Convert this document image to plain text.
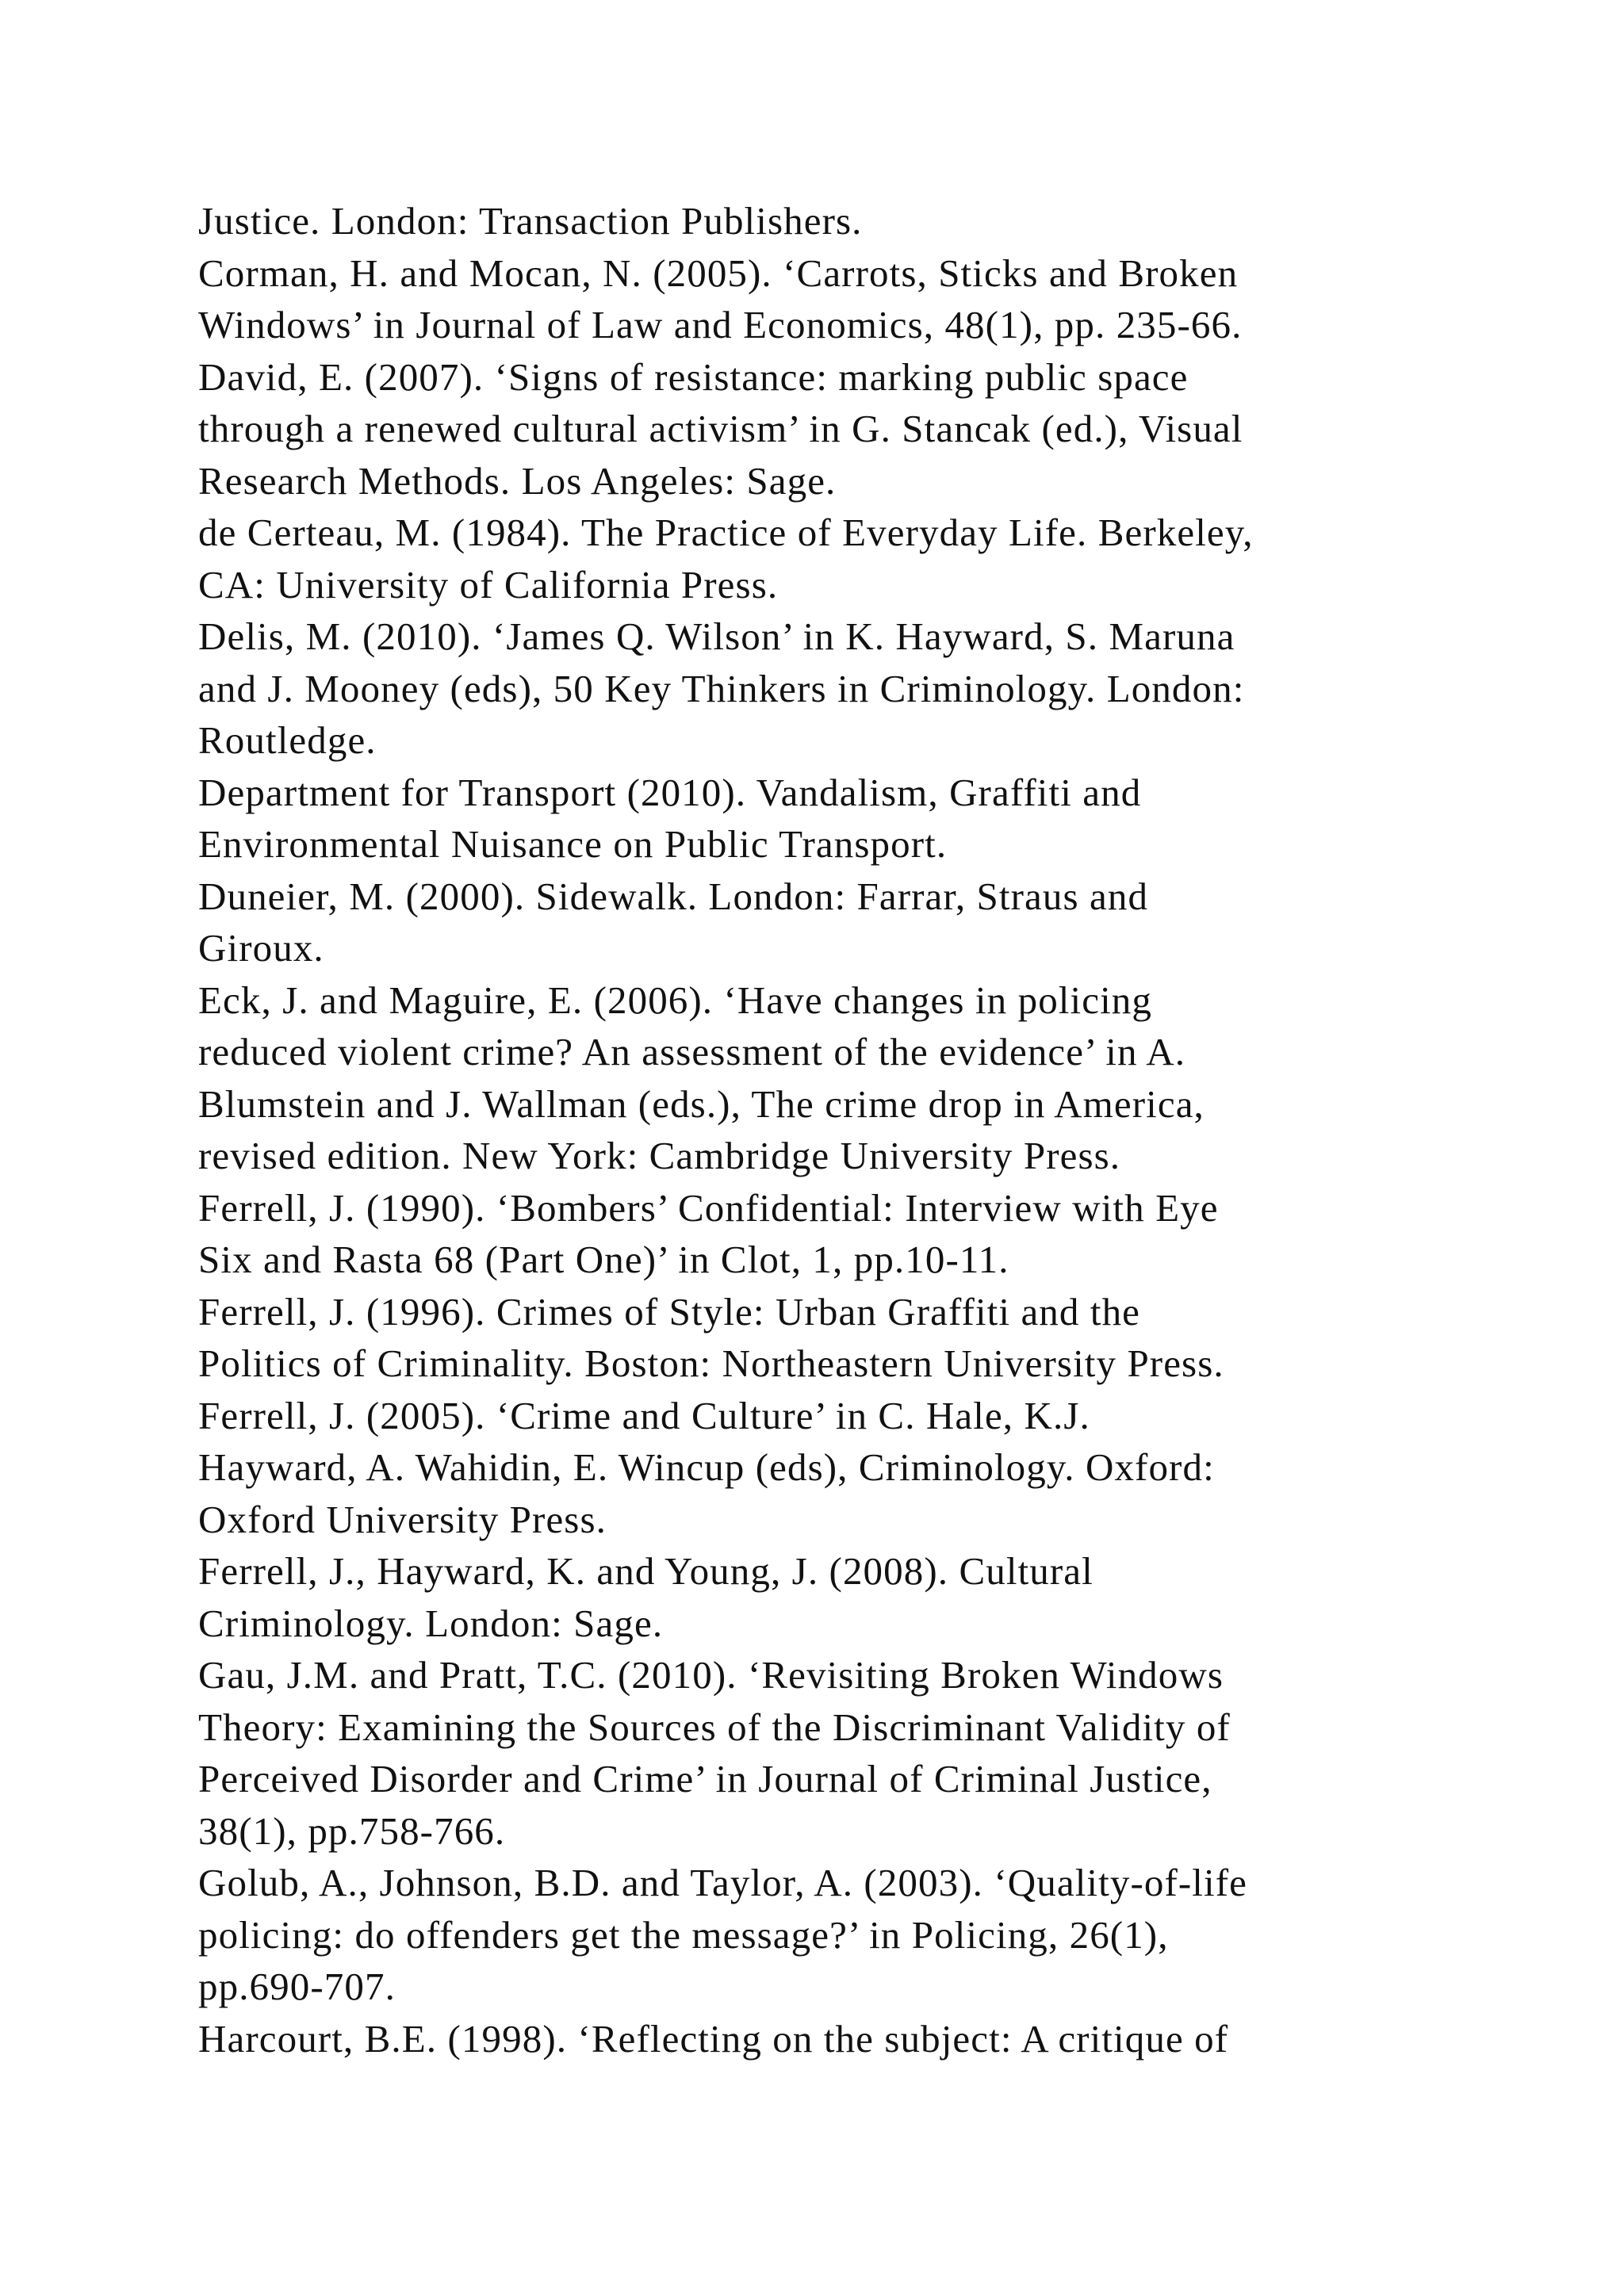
Justice. London: Transaction Publishers.
Corman, H. and Mocan, N. (2005). ‘Carrots, Sticks and Broken
Windows’ in Journal of Law and Economics, 48(1), pp. 235-66.
David, E. (2007). ‘Signs of resistance: marking public space
through a renewed cultural activism’ in G. Stancak (ed.), Visual
Research Methods. Los Angeles: Sage.
de Certeau, M. (1984). The Practice of Everyday Life. Berkeley,
CA: University of California Press.
Delis, M. (2010). ‘James Q. Wilson’ in K. Hayward, S. Maruna
and J. Mooney (eds), 50 Key Thinkers in Criminology. London:
Routledge.
Department for Transport (2010). Vandalism, Graffiti and
Environmental Nuisance on Public Transport.
Duneier, M. (2000). Sidewalk. London: Farrar, Straus and
Giroux.
Eck, J. and Maguire, E. (2006). ‘Have changes in policing
reduced violent crime? An assessment of the evidence’ in A.
Blumstein and J. Wallman (eds.), The crime drop in America,
revised edition. New York: Cambridge University Press.
Ferrell, J. (1990). ‘Bombers’ Confidential: Interview with Eye
Six and Rasta 68 (Part One)’ in Clot, 1, pp.10-11.
Ferrell, J. (1996). Crimes of Style: Urban Graffiti and the
Politics of Criminality. Boston: Northeastern University Press.
Ferrell, J. (2005). ‘Crime and Culture’ in C. Hale, K.J.
Hayward, A. Wahidin, E. Wincup (eds), Criminology. Oxford:
Oxford University Press.
Ferrell, J., Hayward, K. and Young, J. (2008). Cultural
Criminology. London: Sage.
Gau, J.M. and Pratt, T.C. (2010). ‘Revisiting Broken Windows
Theory: Examining the Sources of the Discriminant Validity of
Perceived Disorder and Crime’ in Journal of Criminal Justice,
38(1), pp.758-766.
Golub, A., Johnson, B.D. and Taylor, A. (2003). ‘Quality-of-life
policing: do offenders get the message?’ in Policing, 26(1),
pp.690-707.
Harcourt, B.E. (1998). ‘Reflecting on the subject: A critique of
